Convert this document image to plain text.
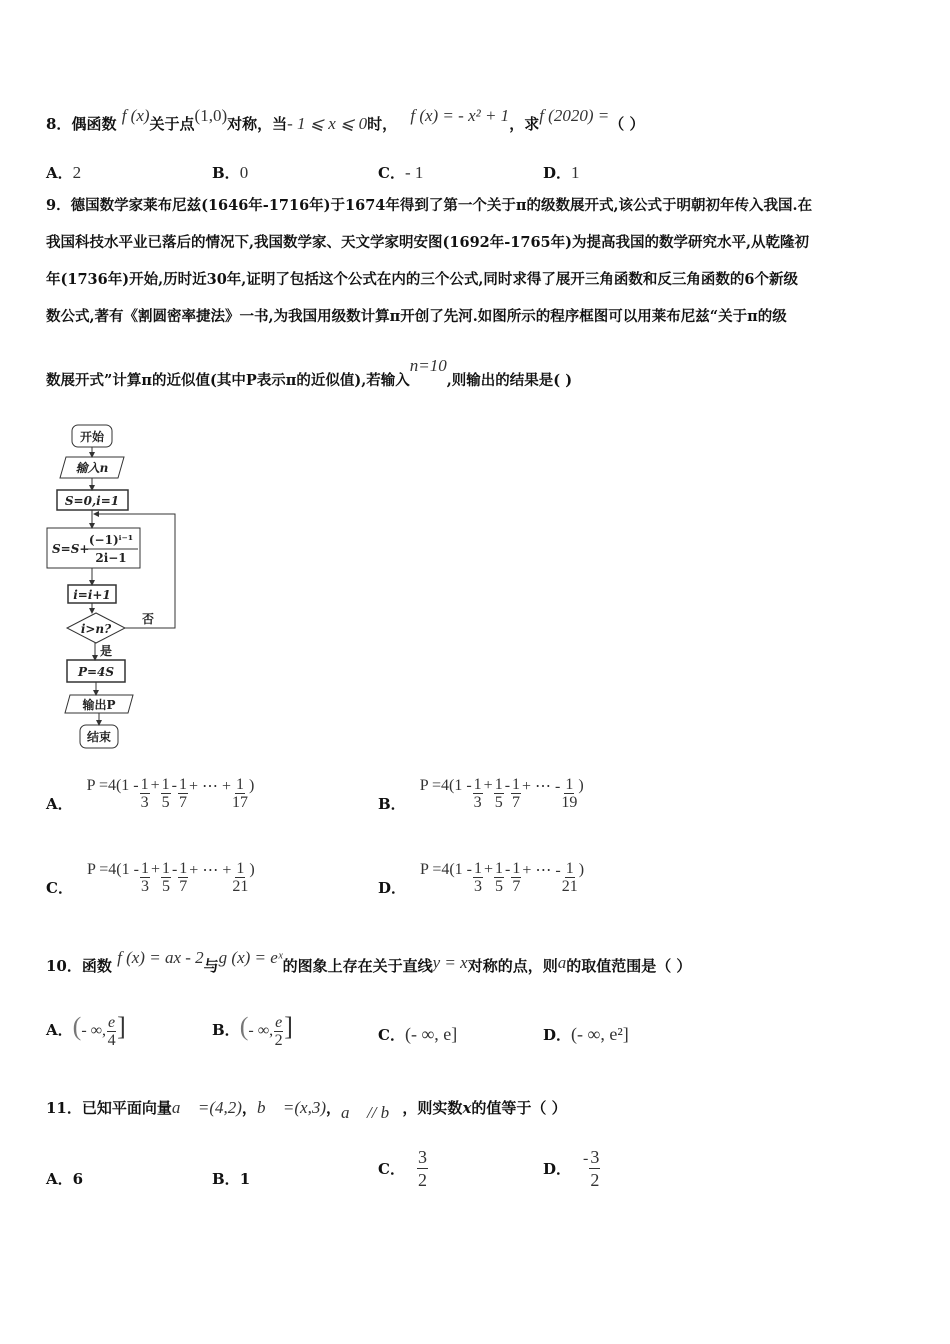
8．偶函数 f (x)关于点(1,0)对称，当- 1 ⩽ x ⩽ 0时， f (x) = - x² + 1，求f (2020) =（ ）
A．2	B．0	C．- 1	D．1
9．德国数学家莱布尼兹(1646年-1716年)于1674年得到了第一个关于π的级数展开式,该公式于明朝初年传入我国.在
我国科技水平业已落后的情况下,我国数学家、天文学家明安图(1692年-1765年)为提高我国的数学研究水平,从乾隆初
年(1736年)开始,历时近30年,证明了包括这个公式在内的三个公式,同时求得了展开三角函数和反三角函数的6个新级
数公式,著有《割圆密率捷法》一书,为我国用级数计算π开创了先河.如图所示的程序框图可以用莱布尼兹“关于π的级
数展开式”计算π的近似值(其中P表示π的近似值),若输入n=10,则输出的结果是( )
开始
输入n
S=0,i=1
S=S+
(−1)ⁱ⁻¹
2i−1
i=i+1
i>n?
否
是
P=4S
输出P
结束
A．$P =4(1 - \frac{1}{3} + \frac{1}{5} - \frac{1}{7}$ + ⋯ + $\frac{1}{17}$ )
B．$P =4(1 - \frac{1}{3} + \frac{1}{5} - \frac{1}{7}$ + ⋯ - $\frac{1}{19}$ )
C．$P =4(1 - \frac{1}{3} + \frac{1}{5} - \frac{1}{7}$ + ⋯ + $\frac{1}{21}$ )
D．$P =4(1 - \frac{1}{3} + \frac{1}{5} - \frac{1}{7}$ + ⋯ - $\frac{1}{21}$ )
10．函数 f (x) = ax - 2与g (x) = eˣ的图象上存在关于直线y = x对称的点，则a的取值范围是（ ）
A．(- ∞, $\frac{e}{4}$ ]	B．(- ∞, $\frac{e}{2}$ ]	C．(- ∞, e]	D．(- ∞, e²]
11．已知平面向量a⃗ =(4,2)，b⃗ =(x,3)，a⃗ // b⃗，则实数x的值等于（ ）
A．6	B．1
C． $\frac{3}{2}$	D．- $\frac{3}{2}$
